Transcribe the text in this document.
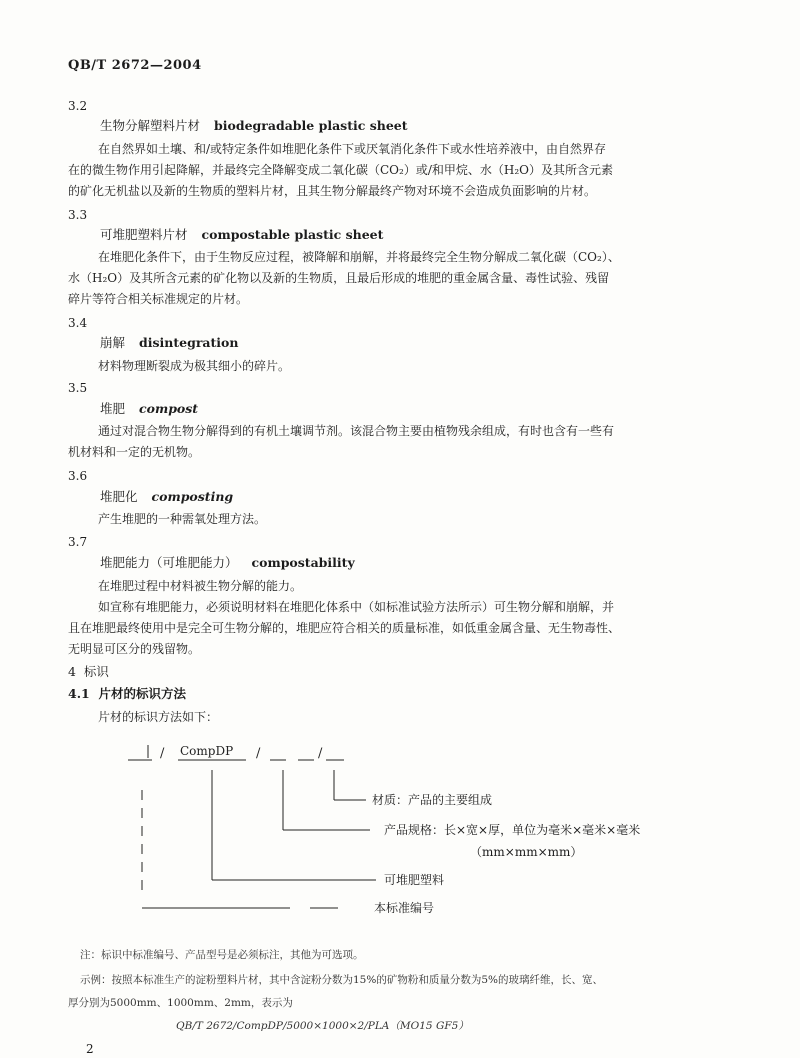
QB/T 2672—2004
3.2
生物分解塑料片材 biodegradable plastic sheet
在自然界如土壤、和/或特定条件如堆肥化条件下或厌氧消化条件下或水性培养液中，由自然界存
在的微生物作用引起降解，并最终完全降解变成二氧化碳（CO₂）或/和甲烷、水（H₂O）及其所含元素
的矿化无机盐以及新的生物质的塑料片材，且其生物分解最终产物对环境不会造成负面影响的片材。
3.3
可堆肥塑料片材 compostable plastic sheet
在堆肥化条件下，由于生物反应过程，被降解和崩解，并将最终完全生物分解成二氧化碳（CO₂）、
水（H₂O）及其所含元素的矿化物以及新的生物质，且最后形成的堆肥的重金属含量、毒性试验、残留
碎片等符合相关标准规定的片材。
3.4
崩解 disintegration
材料物理断裂成为极其细小的碎片。
3.5
堆肥 compost
通过对混合物生物分解得到的有机土壤调节剂。该混合物主要由植物残余组成，有时也含有一些有
机材料和一定的无机物。
3.6
堆肥化 composting
产生堆肥的一种需氧处理方法。
3.7
堆肥能力（可堆肥能力） compostability
在堆肥过程中材料被生物分解的能力。
如宣称有堆肥能力，必须说明材料在堆肥化体系中（如标准试验方法所示）可生物分解和崩解，并
且在堆肥最终使用中是完全可生物分解的，堆肥应符合相关的质量标准，如低重金属含量、无生物毒性、
无明显可区分的残留物。
4 标识
4.1 片材的标识方法
片材的标识方法如下：
/ CompDP /	/
材质：产品的主要组成
产品规格：长×宽×厚，单位为毫米×毫米×毫米
（mm×mm×mm）
可堆肥塑料
本标准编号
注：标识中标准编号、产品型号是必须标注，其他为可选项。
示例：按照本标准生产的淀粉塑料片材，其中含淀粉分数为15%的矿物粉和质量分数为5%的玻璃纤维，长、宽、
厚分别为5000mm、1000mm、2mm，表示为
QB/T 2672/CompDP/5000×1000×2/PLA（MO15 GF5）
2
